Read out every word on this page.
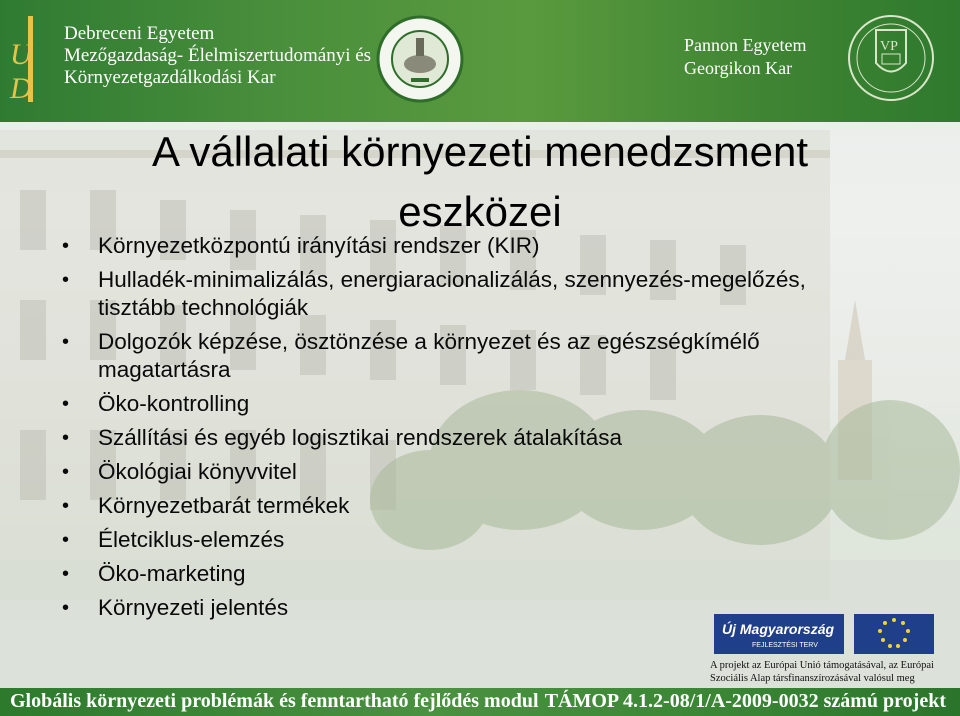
U
D
Debreceni Egyetem
Mezőgazdaság- Élelmiszertudományi és
Környezetgazdálkodási Kar
Pannon Egyetem
Georgikon Kar
VP
A vállalati környezeti menedzsment
eszközei
• Környezetközpontú irányítási rendszer (KIR)
• Hulladék-minimalizálás, energiaracionalizálás, szennyezés-megelőzés, tisztább technológiák
• Dolgozók képzése, ösztönzése a környezet és az egészségkímélő magatartásra
• Öko-kontrolling
• Szállítási és egyéb logisztikai rendszerek átalakítása
• Ökológiai könyvvitel
• Környezetbarát termékek
• Életciklus-elemzés
• Öko-marketing
• Környezeti jelentés
Új Magyarország
FEJLESZTÉSI TERV
A projekt az Európai Unió támogatásával, az Európai
Szociális Alap társfinanszírozásával valósul meg
Globális környezeti problémák és fenntartható fejlődés modul TÁMOP 4.1.2-08/1/A-2009-0032 számú projekt
